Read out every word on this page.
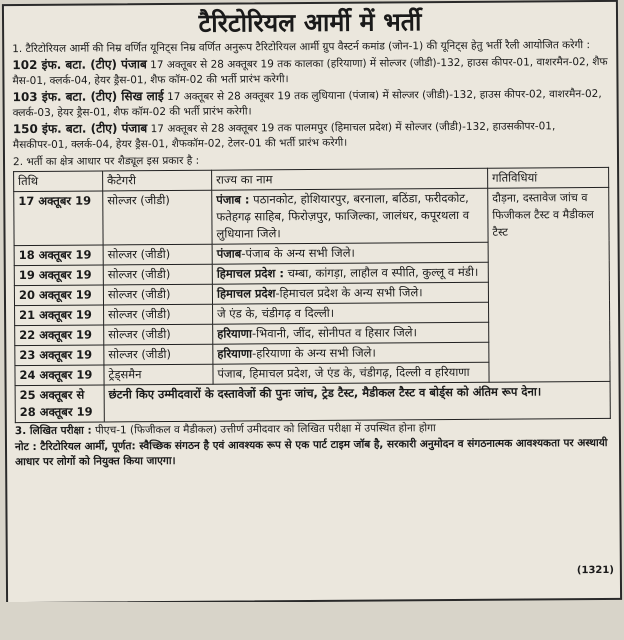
टैरिटोरियल आर्मी में भर्ती
1. टैरिटोरियल आर्मी की निम्र वर्णित यूनिट्स निम्र वर्णित अनुरूप टैरिटोरियल आर्मी ग्रुप वैस्टर्न कमांड (जोन-1) की यूनिट्स हेतु भर्ती रैली आयोजित करेगी :
102 इंफ. बटा. (टीए) पंजाब 17 अक्तूबर से 28 अक्तूबर 19 तक कालका (हरियाणा) में सोल्जर (जीडी)-132, हाउस कीपर-01, वाशरमैन-02, शैफ मैस-01, क्लर्क-04, हेयर ड्रैस-01, शैफ कॉम-02 की भर्ती प्रारंभ करेगी।
103 इंफ. बटा. (टीए) सिख लाई 17 अक्तूबर से 28 अक्तूबर 19 तक लुधियाना (पंजाब) में सोल्जर (जीडी)-132, हाउस कीपर-02, वाशरमैन-02, क्लर्क-03, हेयर ड्रैस-01, शैफ कॉम-02 की भर्ती प्रारंभ करेगी।
150 इंफ. बटा. (टीए) पंजाब 17 अक्तूबर से 28 अक्तूबर 19 तक पालमपुर (हिमाचल प्रदेश) में सोल्जर (जीडी)-132, हाउसकीपर-01, मैसकीपर-01, क्लर्क-04, हेयर ड्रैस-01, शैफकॉम-02, टेलर-01 की भर्ती प्रारंभ करेगी।
2. भर्ती का क्षेत्र आधार पर शैड्यूल इस प्रकार है :
तिथि	कैटेगरी	राज्य का नाम	गतिविधियां
17 अक्तूबर 19	सोल्जर (जीडी)	पंजाब : पठानकोट, होशियारपुर, बरनाला, बठिंडा, फरीदकोट, फतेहगढ़ साहिब, फिरोज़पुर, फाजिल्का, जालंधर, कपूरथला व लुधियाना जिले।	दौड़ना, दस्तावेज जांच व फिजीकल टैस्ट व मैडीकल टैस्ट
18 अक्तूबर 19	सोल्जर (जीडी)	पंजाब-पंजाब के अन्य सभी जिले।	
19 अक्तूबर 19	सोल्जर (जीडी)	हिमाचल प्रदेश : चम्बा, कांगड़ा, लाहौल व स्पीति, कुल्लू व मंडी।	
20 अक्तूबर 19	सोल्जर (जीडी)	हिमाचल प्रदेश-हिमाचल प्रदेश के अन्य सभी जिले।	
21 अक्तूबर 19	सोल्जर (जीडी)	जे एंड के, चंडीगढ़ व दिल्ली।	
22 अक्तूबर 19	सोल्जर (जीडी)	हरियाणा-भिवानी, जींद, सोनीपत व हिसार जिले।	
23 अक्तूबर 19	सोल्जर (जीडी)	हरियाणा-हरियाणा के अन्य सभी जिले।	
24 अक्तूबर 19	ट्रेड्समैन	पंजाब, हिमाचल प्रदेश, जे एंड के, चंडीगढ़, दिल्ली व हरियाणा	
25 अक्तूबर से 28 अक्तूबर 19	छंटनी किए उम्मीदवारों के दस्तावेजों की पुनः जांच, ट्रेड टैस्ट, मैडीकल टैस्ट व बोर्ड्स को अंतिम रूप देना।		
3. लिखित परीक्षा : पीएच-1 (फिजीकल व मैडीकल) उत्तीर्ण उमीदवार को लिखित परीक्षा में उपस्थित होना होगा
नोट : टैरिटोरियल आर्मी, पूर्णत: स्वैच्छिक संगठन है एवं आवश्यक रूप से एक पार्ट टाइम जॉब है, सरकारी अनुमोदन व संगठनात्मक आवश्यकता पर अस्थायी आधार पर लोगों को नियुक्त किया जाएगा।
(1321)
